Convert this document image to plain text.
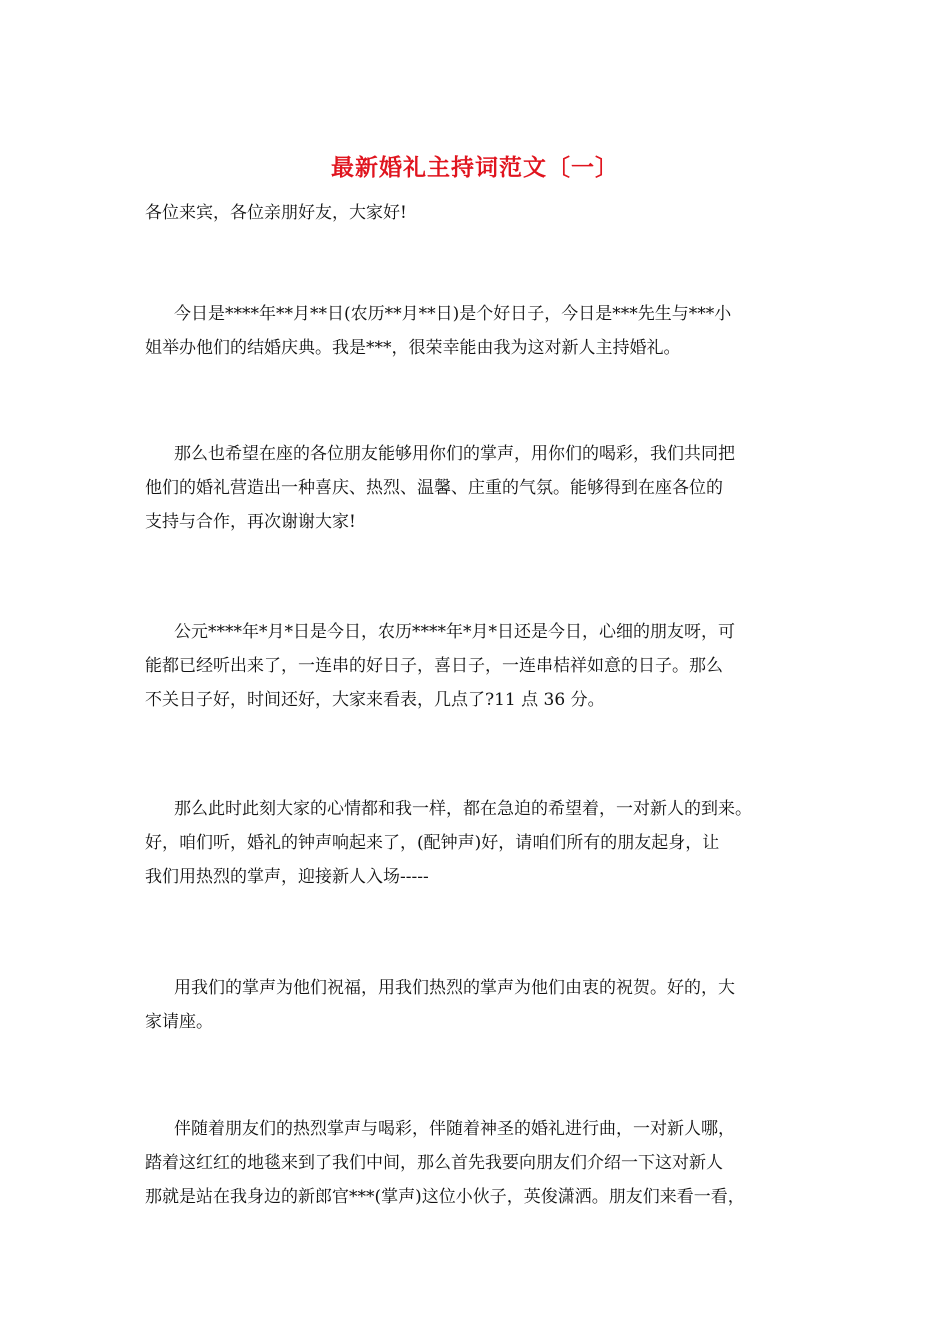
最新婚礼主持词范文〔一〕
各位来宾，各位亲朋好友，大家好!
今日是****年**月**日(农历**月**日)是个好日子，今日是***先生与***小
姐举办他们的结婚庆典。我是***，很荣幸能由我为这对新人主持婚礼。
那么也希望在座的各位朋友能够用你们的掌声，用你们的喝彩，我们共同把
他们的婚礼营造出一种喜庆、热烈、温馨、庄重的气氛。能够得到在座各位的
支持与合作，再次谢谢大家!
公元****年*月*日是今日，农历****年*月*日还是今日，心细的朋友呀，可
能都已经听出来了，一连串的好日子，喜日子，一连串桔祥如意的日子。那么
不关日子好，时间还好，大家来看表，几点了?11 点 36 分。
那么此时此刻大家的心情都和我一样，都在急迫的希望着，一对新人的到来。
好，咱们听，婚礼的钟声响起来了，(配钟声)好，请咱们所有的朋友起身，让
我们用热烈的掌声，迎接新人入场-----
用我们的掌声为他们祝福，用我们热烈的掌声为他们由衷的祝贺。好的，大
家请座。
伴随着朋友们的热烈掌声与喝彩，伴随着神圣的婚礼进行曲，一对新人哪，
踏着这红红的地毯来到了我们中间，那么首先我要向朋友们介绍一下这对新人
那就是站在我身边的新郎官***(掌声)这位小伙子，英俊潇洒。朋友们来看一看，
